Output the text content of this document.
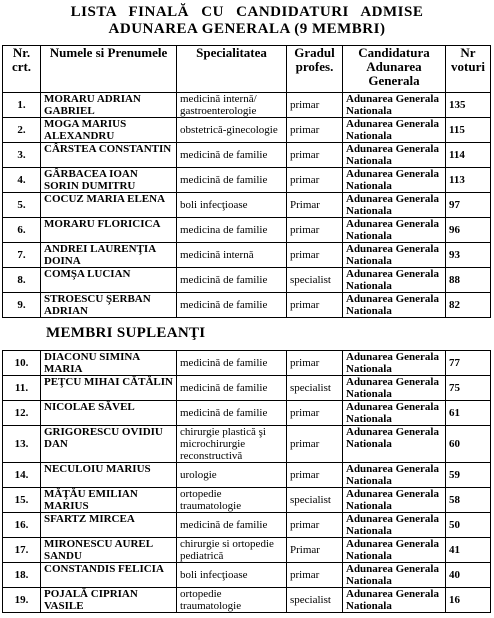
LISTA FINALĂ CU CANDIDATURI ADMISE
ADUNAREA GENERALA (9 MEMBRI)
Nr. crt.	Numele si Prenumele	Specialitatea	Gradul profes.	Candidatura Adunarea Generala	Nr voturi
1.	MORARU ADRIAN GABRIEL	medicină internă/ gastroenterologie	primar	Adunarea Generala Nationala	135
2.	MOGA MARIUS ALEXANDRU	obstetrică-ginecologie	primar	Adunarea Generala Nationala	115
3.	CÂRSTEA CONSTANTIN	medicină de familie	primar	Adunarea Generala Nationala	114
4.	GÂRBACEA IOAN SORIN DUMITRU	medicină de familie	primar	Adunarea Generala Nationala	113
5.	COCUZ MARIA ELENA	boli infecţioase	Primar	Adunarea Generala Nationala	97
6.	MORARU FLORICICA	medicina de familie	primar	Adunarea Generala Nationala	96
7.	ANDREI LAURENŢIA DOINA	medicină internă	primar	Adunarea Generala Nationala	93
8.	COMŞA LUCIAN	medicină de familie	specialist	Adunarea Generala Nationala	88
9.	STROESCU ŞERBAN ADRIAN	medicină de familie	primar	Adunarea Generala Nationala	82
MEMBRI SUPLEANŢI
10.	DIACONU SIMINA MARIA	medicină de familie	primar	Adunarea Generala Nationala	77
11.	PEŢCU MIHAI CĂTĂLIN	medicină de familie	specialist	Adunarea Generala Nationala	75
12.	NICOLAE SĂVEL	medicină de familie	primar	Adunarea Generala Nationala	61
13.	GRIGORESCU OVIDIU DAN	chirurgie plastică şi microchirurgie reconstructivă	primar	Adunarea Generala Nationala	60
14.	NECULOIU MARIUS	urologie	primar	Adunarea Generala Nationala	59
15.	MĂŢĂU EMILIAN MARIUS	ortopedie traumatologie	specialist	Adunarea Generala Nationala	58
16.	SFARTZ MIRCEA	medicină de familie	primar	Adunarea Generala Nationala	50
17.	MIRONESCU AUREL SANDU	chirurgie si ortopedie pediatrică	Primar	Adunarea Generala Nationala	41
18.	CONSTANDIS FELICIA	boli infecţioase	primar	Adunarea Generala Nationala	40
19.	POJALĂ CIPRIAN VASILE	ortopedie traumatologie	specialist	Adunarea Generala Nationala	16
